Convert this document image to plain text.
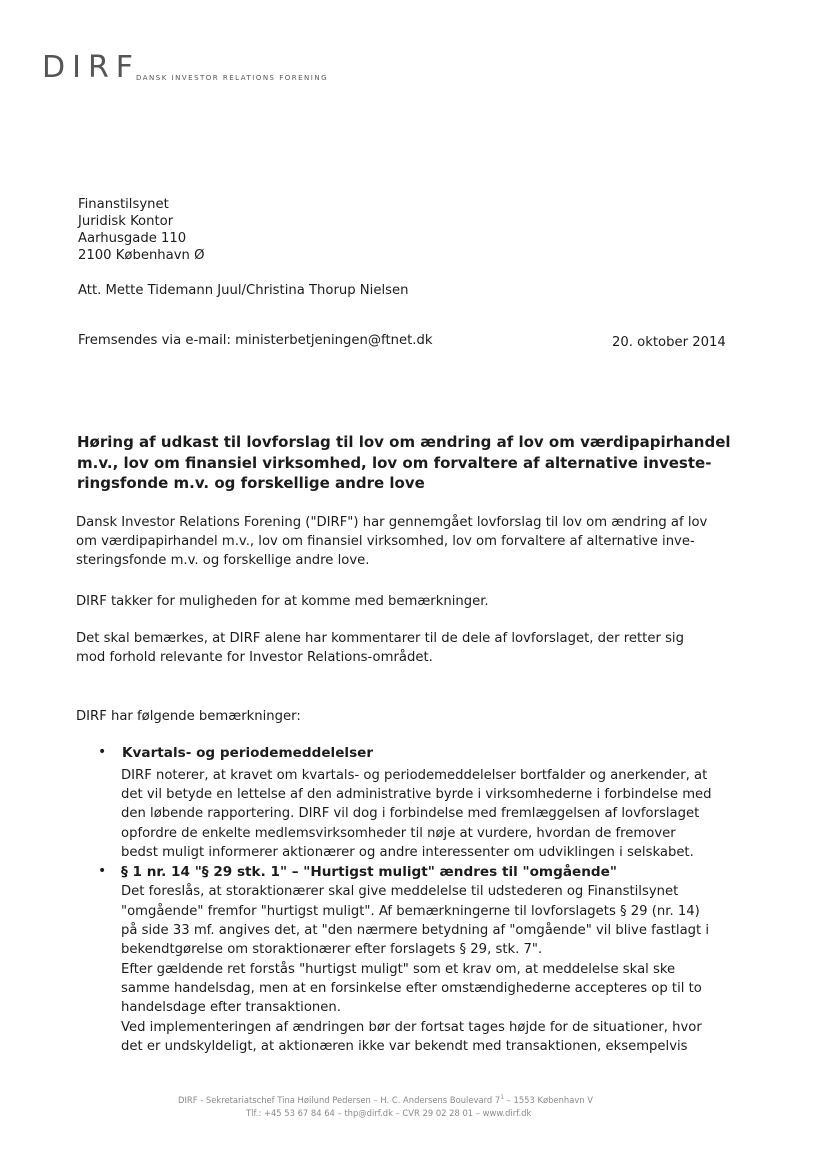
DIRF
DANSK INVESTOR RELATIONS FORENING
Finanstilsynet
Juridisk Kontor
Aarhusgade 110
2100 København Ø
Att. Mette Tidemann Juul/Christina Thorup Nielsen
Fremsendes via e-mail: ministerbetjeningen@ftnet.dk	20. oktober 2014
Høring af udkast til lovforslag til lov om ændring af lov om værdipapirhandel
m.v., lov om finansiel virksomhed, lov om forvaltere af alternative investe-
ringsfonde m.v. og forskellige andre love
Dansk Investor Relations Forening ("DIRF") har gennemgået lovforslag til lov om ændring af lov
om værdipapirhandel m.v., lov om finansiel virksomhed, lov om forvaltere af alternative inve-
steringsfonde m.v. og forskellige andre love.
DIRF takker for muligheden for at komme med bemærkninger.
Det skal bemærkes, at DIRF alene har kommentarer til de dele af lovforslaget, der retter sig
mod forhold relevante for Investor Relations-området.
DIRF har følgende bemærkninger:
• Kvartals- og periodemeddelelser
DIRF noterer, at kravet om kvartals- og periodemeddelelser bortfalder og anerkender, at
det vil betyde en lettelse af den administrative byrde i virksomhederne i forbindelse med
den løbende rapportering. DIRF vil dog i forbindelse med fremlæggelsen af lovforslaget
opfordre de enkelte medlemsvirksomheder til nøje at vurdere, hvordan de fremover
bedst muligt informerer aktionærer og andre interessenter om udviklingen i selskabet.
• § 1 nr. 14 "§ 29 stk. 1" – "Hurtigst muligt" ændres til "omgående"
Det foreslås, at storaktionærer skal give meddelelse til udstederen og Finanstilsynet
"omgående" fremfor "hurtigst muligt". Af bemærkningerne til lovforslagets § 29 (nr. 14)
på side 33 mf. angives det, at "den nærmere betydning af "omgående" vil blive fastlagt i
bekendtgørelse om storaktionærer efter forslagets § 29, stk. 7".
Efter gældende ret forstås "hurtigst muligt" som et krav om, at meddelelse skal ske
samme handelsdag, men at en forsinkelse efter omstændighederne accepteres op til to
handelsdage efter transaktionen.
Ved implementeringen af ændringen bør der fortsat tages højde for de situationer, hvor
det er undskyldeligt, at aktionæren ikke var bekendt med transaktionen, eksempelvis
DIRF - Sekretariatschef Tina Høilund Pedersen – H. C. Andersens Boulevard $7^1 - 1553$ København V
Tlf.: +45 53 67 84 64 – thp@dirf.dk – CVR 29 02 28 01 – www.dirf.dk
